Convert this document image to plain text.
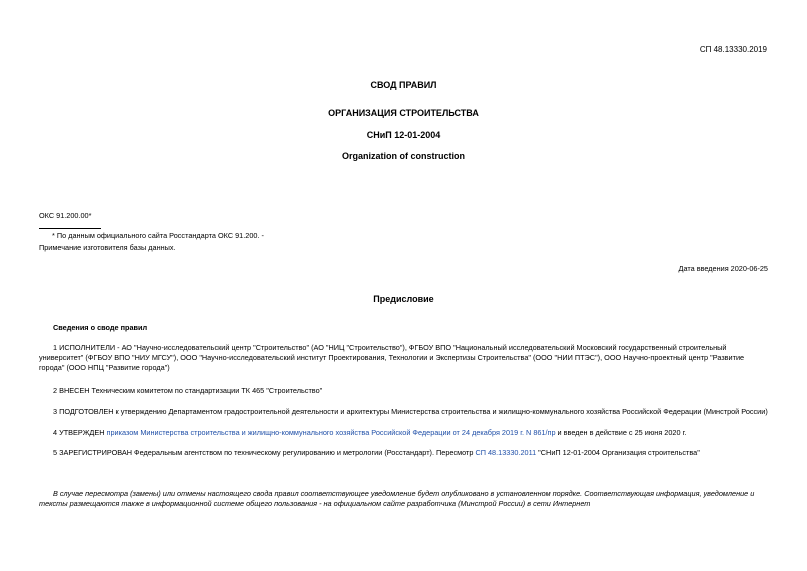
СП 48.13330.2019
СВОД ПРАВИЛ
ОРГАНИЗАЦИЯ СТРОИТЕЛЬСТВА
СНиП 12-01-2004
Organization of construction
ОКС 91.200.00*
* По данным официального сайта Росстандарта ОКС 91.200. -
Примечание изготовителя базы данных.
Дата введения 2020-06-25
Предисловие
Сведения о своде правил
1 ИСПОЛНИТЕЛИ - АО "Научно-исследовательский центр "Строительство" (АО "НИЦ "Строительство"), ФГБОУ ВПО "Национальный исследовательский Московский государственный строительный университет" (ФГБОУ ВПО "НИУ МГСУ"), ООО "Научно-исследовательский институт Проектирования, Технологии и Экспертизы Строительства" (ООО "НИИ ПТЭС"), ООО Научно-проектный центр "Развитие города" (ООО НПЦ "Развитие города")
2 ВНЕСЕН Техническим комитетом по стандартизации ТК 465 "Строительство"
3 ПОДГОТОВЛЕН к утверждению Департаментом градостроительной деятельности и архитектуры Министерства строительства и жилищно-коммунального хозяйства Российской Федерации (Минстрой России)
4 УТВЕРЖДЕН приказом Министерства строительства и жилищно-коммунального хозяйства Российской Федерации от 24 декабря 2019 г. N 861/пр и введен в действие с 25 июня 2020 г.
5 ЗАРЕГИСТРИРОВАН Федеральным агентством по техническому регулированию и метрологии (Росстандарт). Пересмотр СП 48.13330.2011 "СНиП 12-01-2004 Организация строительства"
В случае пересмотра (замены) или отмены настоящего свода правил соответствующее уведомление будет опубликовано в установленном порядке. Соответствующая информация, уведомление и тексты размещаются также в информационной системе общего пользования - на официальном сайте разработчика (Минстрой России) в сети Интернет
